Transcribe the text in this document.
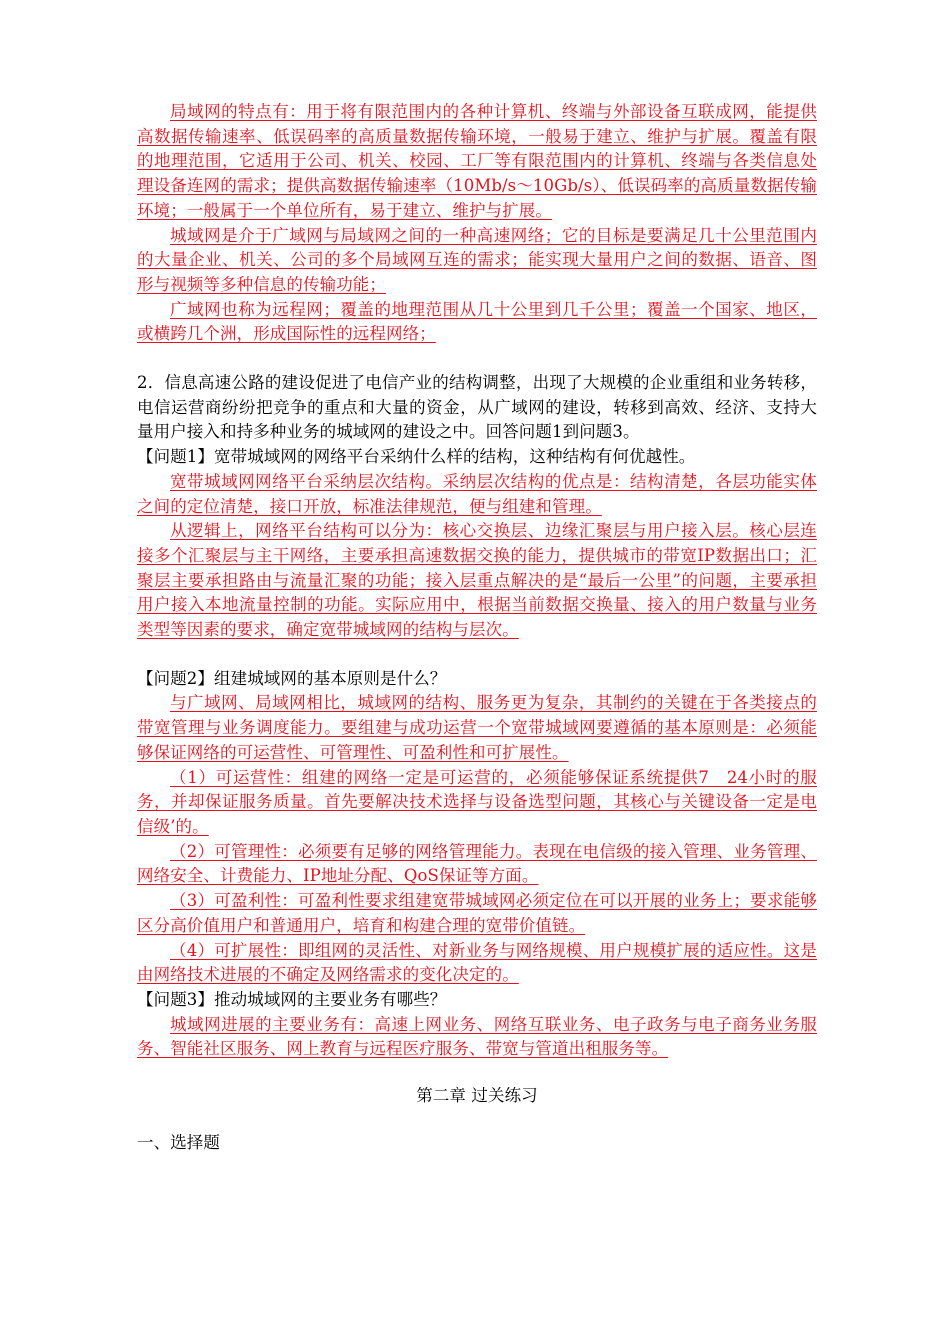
局域网的特点有：用于将有限范围内的各种计算机、终端与外部设备互联成网，能提供高数据传输速率、低误码率的高质量数据传输环境，一般易于建立、维护与扩展。覆盖有限的地理范围，它适用于公司、机关、校园、工厂等有限范围内的计算机、终端与各类信息处理设备连网的需求；提供高数据传输速率（10Mb/s～10Gb/s）、低误码率的高质量数据传输环境；一般属于一个单位所有，易于建立、维护与扩展。

城域网是介于广域网与局域网之间的一种高速网络；它的目标是要满足几十公里范围内的大量企业、机关、公司的多个局域网互连的需求；能实现大量用户之间的数据、语音、图形与视频等多种信息的传输功能；

广域网也称为远程网；覆盖的地理范围从几十公里到几千公里；覆盖一个国家、地区，或横跨几个洲，形成国际性的远程网络；

2．信息高速公路的建设促进了电信产业的结构调整，出现了大规模的企业重组和业务转移，电信运营商纷纷把竞争的重点和大量的资金，从广域网的建设，转移到高效、经济、支持大量用户接入和持多种业务的城域网的建设之中。回答问题1到问题3。

【问题1】宽带城域网的网络平台采纳什么样的结构，这种结构有何优越性。

宽带城域网网络平台采纳层次结构。采纳层次结构的优点是：结构清楚，各层功能实体之间的定位清楚，接口开放，标准法律规范，便与组建和管理。

从逻辑上，网络平台结构可以分为：核心交换层、边缘汇聚层与用户接入层。核心层连接多个汇聚层与主干网络，主要承担高速数据交换的能力，提供城市的带宽IP数据出口；汇聚层主要承担路由与流量汇聚的功能；接入层重点解决的是“最后一公里”的问题，主要承担用户接入本地流量控制的功能。实际应用中，根据当前数据交换量、接入的用户数量与业务类型等因素的要求，确定宽带城域网的结构与层次。

【问题2】组建城域网的基本原则是什么？

与广域网、局域网相比，城域网的结构、服务更为复杂，其制约的关键在于各类接点的带宽管理与业务调度能力。要组建与成功运营一个宽带城域网要遵循的基本原则是：必须能够保证网络的可运营性、可管理性、可盈利性和可扩展性。

（1）可运营性：组建的网络一定是可运营的，必须能够保证系统提供7　24小时的服务，并却保证服务质量。首先要解决技术选择与设备选型问题，其核心与关键设备一定是电信级’的。

（2）可管理性：必须要有足够的网络管理能力。表现在电信级的接入管理、业务管理、网络安全、计费能力、IP地址分配、QoS保证等方面。

（3）可盈利性：可盈利性要求组建宽带城域网必须定位在可以开展的业务上；要求能够区分高价值用户和普通用户，培育和构建合理的宽带价值链。

（4）可扩展性：即组网的灵活性、对新业务与网络规模、用户规模扩展的适应性。这是由网络技术进展的不确定及网络需求的变化决定的。

【问题3】推动城域网的主要业务有哪些？

城域网进展的主要业务有：高速上网业务、网络互联业务、电子政务与电子商务业务服务、智能社区服务、网上教育与远程医疗服务、带宽与管道出租服务等。

第二章 过关练习

一、选择题
